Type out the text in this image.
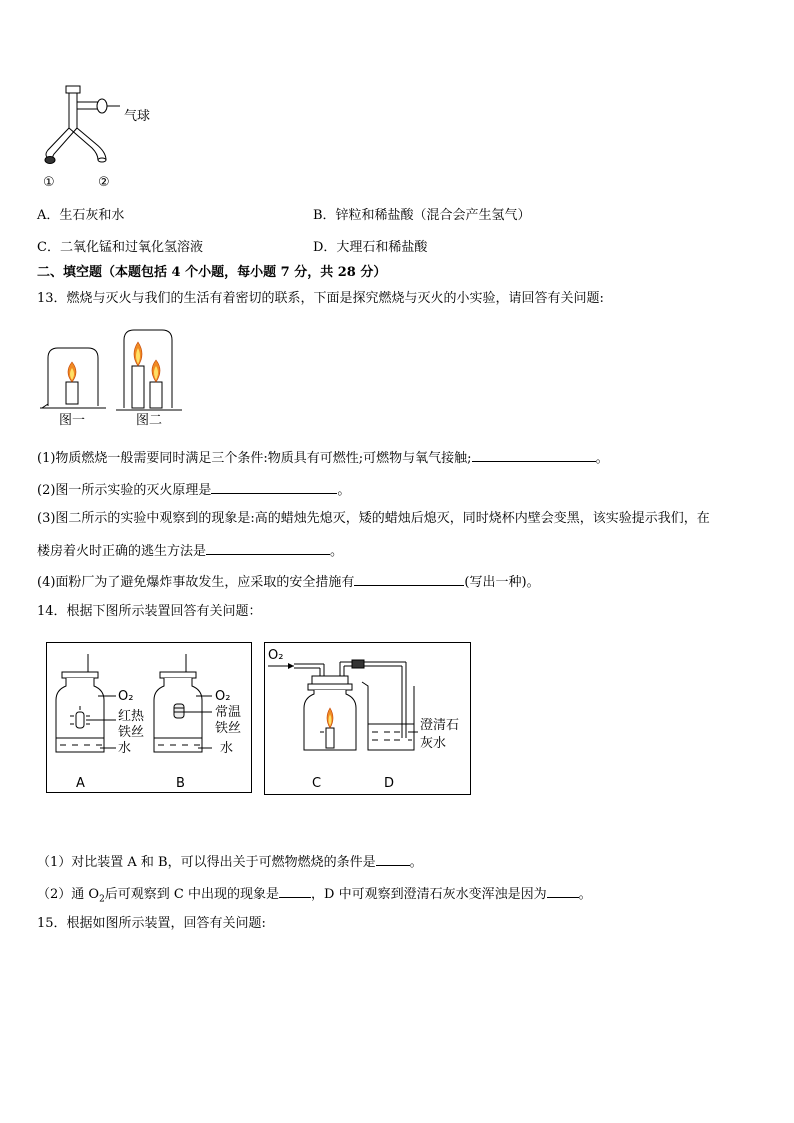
气球
①	②
A．生石灰和水	B．锌粒和稀盐酸（混合会产生氢气）
C．二氧化锰和过氧化氢溶液	D．大理石和稀盐酸
二、填空题（本题包括 4 个小题，每小题 7 分，共 28 分）
13．燃烧与灭火与我们的生活有着密切的联系，下面是探究燃烧与灭火的小实验，请回答有关问题:
图一	图二
(1)物质燃烧一般需要同时满足三个条件:物质具有可燃性;可燃物与氧气接触;	。
(2)图一所示实验的灭火原理是	。
(3)图二所示的实验中观察到的现象是:高的蜡烛先熄灭，矮的蜡烛后熄灭，同时烧杯内壁会变黑，该实验提示我们，在
楼房着火时正确的逃生方法是	。
(4)面粉厂为了避免爆炸事故发生，应采取的安全措施有	(写出一种)。
14．根据下图所示装置回答有关问题：
O₂
红热
铁丝
水
O₂
常温
铁丝
水
A	B
O₂
澄清石
灰水
C	D
（1）对比装置 A 和 B，可以得出关于可燃物燃烧的条件是	。
（2）通 $O_2$后可观察到 C 中出现的现象是 ，D 中可观察到澄清石灰水变浑浊是因为 。
15．根据如图所示装置，回答有关问题:
